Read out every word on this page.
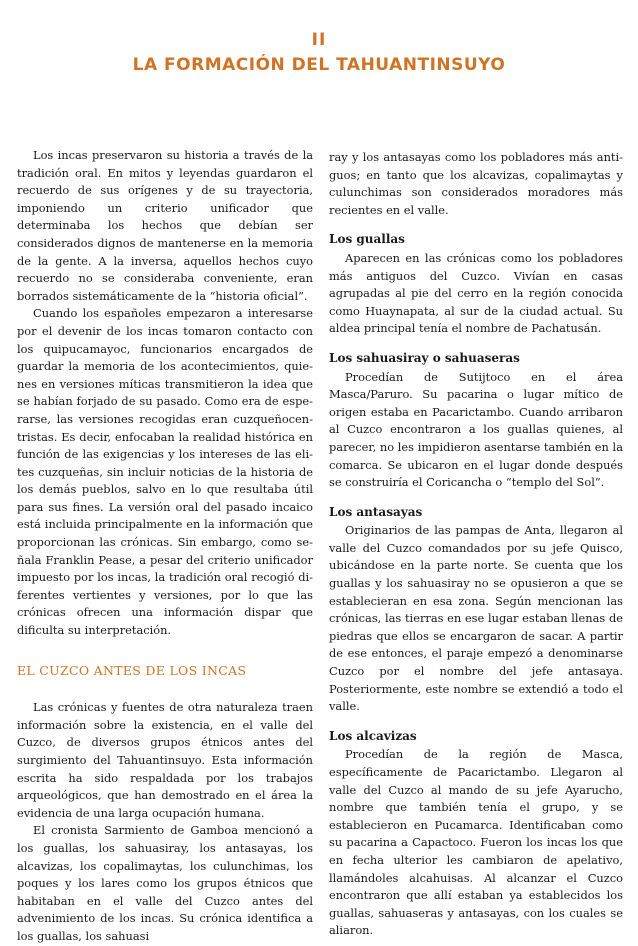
II
LA FORMACIÓN DEL TAHUANTINSUYO

Los incas preservaron su historia a través de la tradición oral. En mitos y leyendas guardaron el recuerdo de sus orígenes y de su trayectoria, imponiendo un criterio unificador que determinaba los hechos que debían ser considerados dignos de mantenerse en la memoria de la gente. A la inversa, aquellos hechos cuyo recuerdo no se consideraba conveniente, eran borrados sistemáticamente de la “historia oficial”.

Cuando los españoles empezaron a interesarse por el devenir de los incas tomaron contacto con los quipucamayoc, funcionarios encargados de guardar la memoria de los acontecimientos, quienes en versiones míticas transmitieron la idea que se habían forjado de su pasado. Como era de esperarse, las versiones recogidas eran cuzqueñocentristas. Es decir, enfocaban la realidad histórica en función de las exigencias y los intereses de las elites cuzqueñas, sin incluir noticias de la historia de los demás pueblos, salvo en lo que resultaba útil para sus fines. La versión oral del pasado incaico está incluida principalmente en la información que proporcionan las crónicas. Sin embargo, como señala Franklin Pease, a pesar del criterio unificador impuesto por los incas, la tradición oral recogió diferentes vertientes y versiones, por lo que las crónicas ofrecen una información dispar que dificulta su interpretación.

EL CUZCO ANTES DE LOS INCAS

Las crónicas y fuentes de otra naturaleza traen información sobre la existencia, en el valle del Cuzco, de diversos grupos étnicos antes del surgimiento del Tahuantinsuyo. Esta información escrita ha sido respaldada por los trabajos arqueológicos, que han demostrado en el área la evidencia de una larga ocupación humana.

El cronista Sarmiento de Gamboa mencionó a los guallas, los sahuasiray, los antasayas, los alcavizas, los copalimaytas, los culunchimas, los poques y los lares como los grupos étnicos que habitaban en el valle del Cuzco antes del advenimiento de los incas. Su crónica identifica a los guallas, los sahuasi

ray y los antasayas como los pobladores más antiguos; en tanto que los alcavizas, copalimaytas y culunchimas son considerados moradores más recientes en el valle.

Los guallas

Aparecen en las crónicas como los pobladores más antiguos del Cuzco. Vivían en casas agrupadas al pie del cerro en la región conocida como Huaynapata, al sur de la ciudad actual. Su aldea principal tenía el nombre de Pachatusán.

Los sahuasiray o sahuaseras

Procedían de Sutijtoco en el área Masca/Paruro. Su pacarina o lugar mítico de origen estaba en Pacarictambo. Cuando arribaron al Cuzco encontraron a los guallas quienes, al parecer, no les impidieron asentarse también en la comarca. Se ubicaron en el lugar donde después se construiría el Coricancha o “templo del Sol”.

Los antasayas

Originarios de las pampas de Anta, llegaron al valle del Cuzco comandados por su jefe Quisco, ubicándose en la parte norte. Se cuenta que los guallas y los sahuasiray no se opusieron a que se establecieran en esa zona. Según mencionan las crónicas, las tierras en ese lugar estaban llenas de piedras que ellos se encargaron de sacar. A partir de ese entonces, el paraje empezó a denominarse Cuzco por el nombre del jefe antasaya. Posteriormente, este nombre se extendió a todo el valle.

Los alcavizas

Procedían de la región de Masca, específicamente de Pacarictambo. Llegaron al valle del Cuzco al mando de su jefe Ayarucho, nombre que también tenía el grupo, y se establecieron en Pucamarca. Identificaban como su pacarina a Capactoco. Fueron los incas los que en fecha ulterior les cambiaron de apelativo, llamándoles alcahuisas. Al alcanzar el Cuzco encontraron que allí estaban ya establecidos los guallas, sahuaseras y antasayas, con los cuales se aliaron.
